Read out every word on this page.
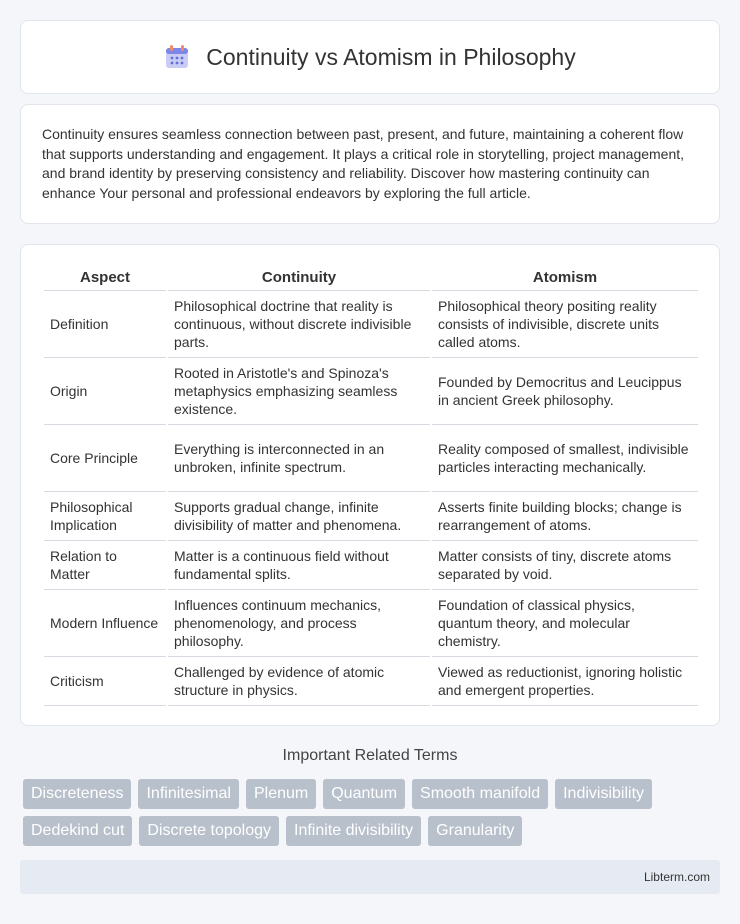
Continuity vs Atomism in Philosophy

Continuity ensures seamless connection between past, present, and future, maintaining a coherent flow that supports understanding and engagement. It plays a critical role in storytelling, project management, and brand identity by preserving consistency and reliability. Discover how mastering continuity can enhance Your personal and professional endeavors by exploring the full article.

Aspect	Continuity	Atomism
Definition	Philosophical doctrine that reality is continuous, without discrete indivisible parts.	Philosophical theory positing reality consists of indivisible, discrete units called atoms.
Origin	Rooted in Aristotle's and Spinoza's metaphysics emphasizing seamless existence.	Founded by Democritus and Leucippus in ancient Greek philosophy.
Core Principle	Everything is interconnected in an unbroken, infinite spectrum.	Reality composed of smallest, indivisible particles interacting mechanically.
Philosophical Implication	Supports gradual change, infinite divisibility of matter and phenomena.	Asserts finite building blocks; change is rearrangement of atoms.
Relation to Matter	Matter is a continuous field without fundamental splits.	Matter consists of tiny, discrete atoms separated by void.
Modern Influence	Influences continuum mechanics, phenomenology, and process philosophy.	Foundation of classical physics, quantum theory, and molecular chemistry.
Criticism	Challenged by evidence of atomic structure in physics.	Viewed as reductionist, ignoring holistic and emergent properties.
Important Related Terms
Discreteness	Infinitesimal	Plenum	Quantum	Smooth manifold	Indivisibility
Dedekind cut	Discrete topology	Infinite divisibility	Granularity
Libterm.com
